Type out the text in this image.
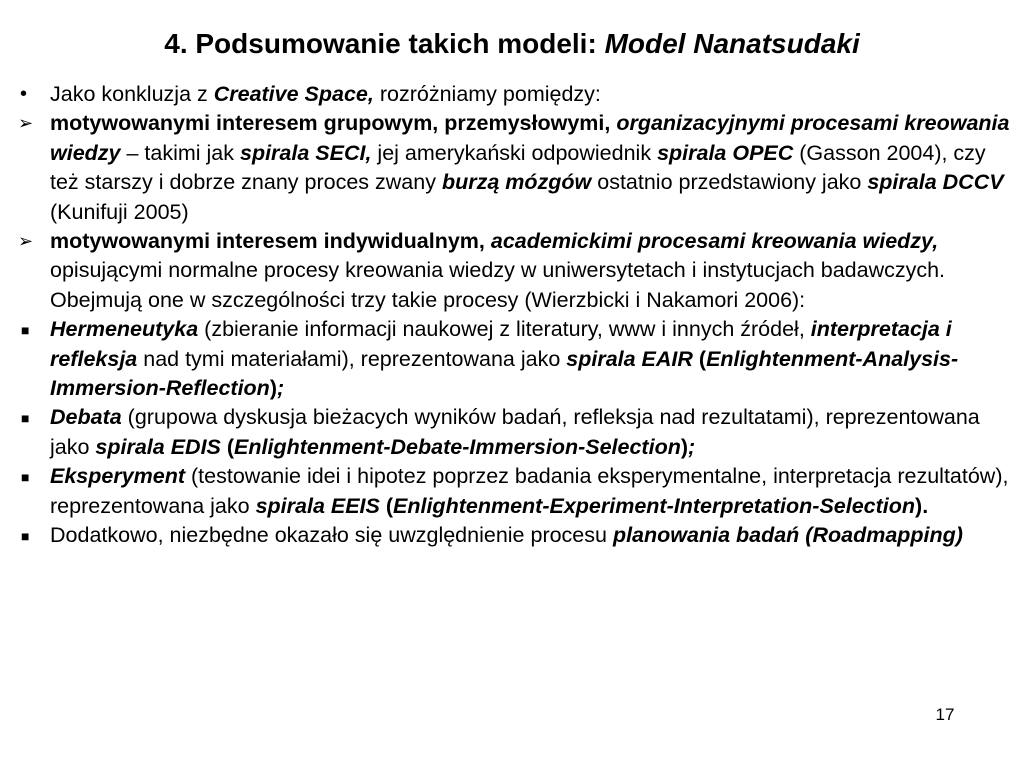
4. Podsumowanie takich modeli: Model Nanatsudaki

•	Jako konkluzja z Creative Space, rozróżniamy pomiędzy:

➢ motywowanymi interesem grupowym, przemysłowymi, organizacyjnymi procesami kreowania wiedzy – takimi jak spirala SECI, jej amerykański odpowiednik spirala OPEC (Gasson 2004), czy też starszy i dobrze znany proces zwany burzą mózgów ostatnio przedstawiony jako spirala DCCV (Kunifuji 2005)

➢ motywowanymi interesem indywidualnym, academickimi procesami kreowania wiedzy, opisującymi normalne procesy kreowania wiedzy w uniwersytetach i instytucjach badawczych. Obejmują one w szczególności trzy takie procesy (Wierzbicki i Nakamori 2006):

■ Hermeneutyka (zbieranie informacji naukowej z literatury, www i innych źródeł, interpretacja i refleksja nad tymi materiałami), reprezentowana jako spirala EAIR (Enlightenment-Analysis-Immersion-Reflection);

■ Debata (grupowa dyskusja bieżacych wyników badań, refleksja nad rezultatami), reprezentowana jako spirala EDIS (Enlightenment-Debate-Immersion-Selection);

■ Eksperyment (testowanie idei i hipotez poprzez badania eksperymentalne, interpretacja rezultatów), reprezentowana jako spirala EEIS (Enlightenment-Experiment-Interpretation-Selection).

■ Dodatkowo, niezbędne okazało się uwzględnienie procesu planowania badań (Roadmapping)

17
